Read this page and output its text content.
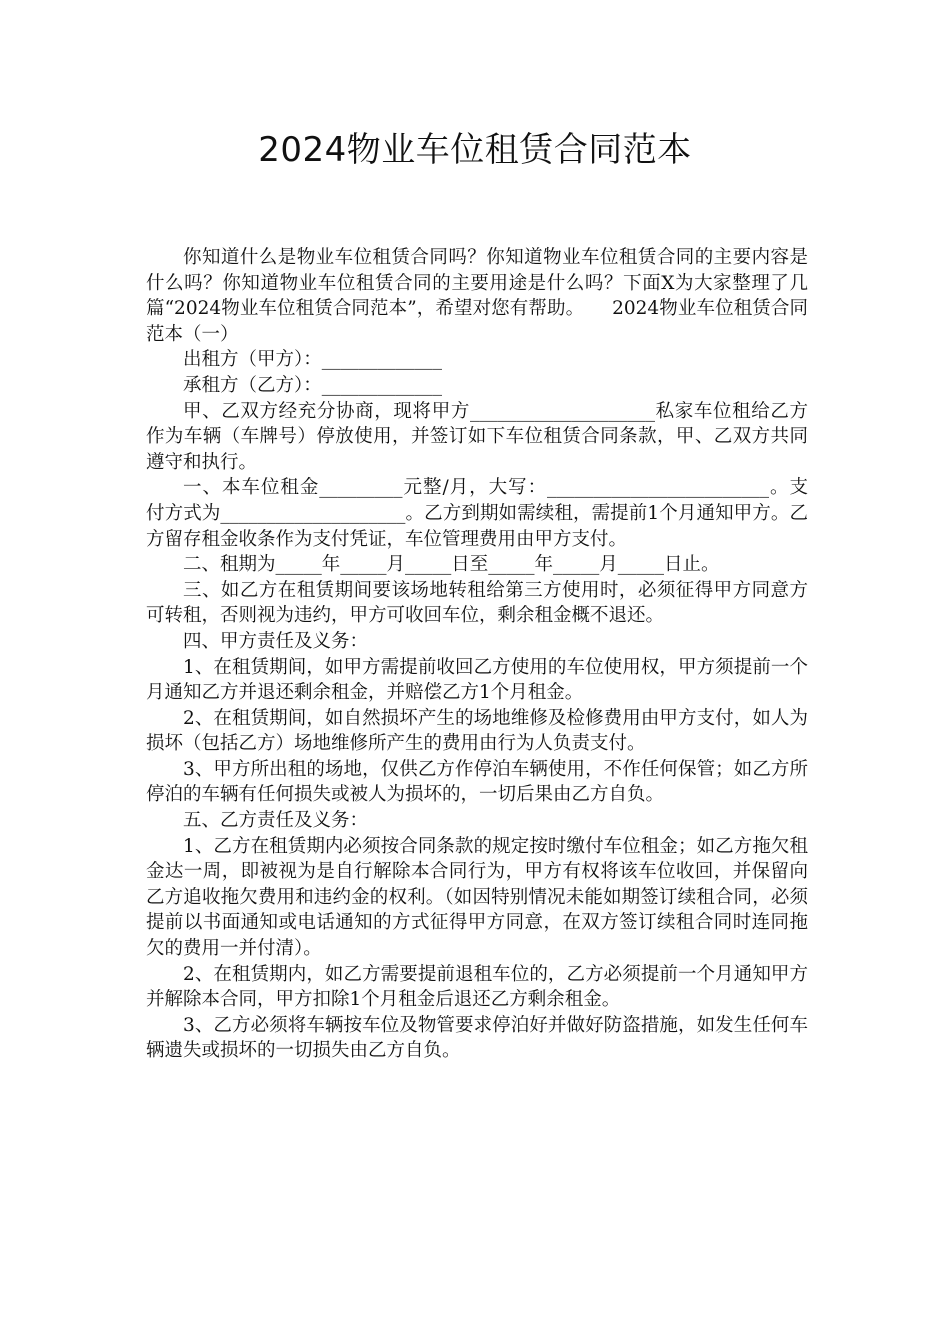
2024物业车位租赁合同范本

你知道什么是物业车位租赁合同吗？你知道物业车位租赁合同的主要内容是什么吗？你知道物业车位租赁合同的主要用途是什么吗？下面X为大家整理了几篇“2024物业车位租赁合同范本”，希望对您有帮助。　　2024物业车位租赁合同范本（一）

出租方（甲方）：_____________

承租方（乙方）：_____________

甲、乙双方经充分协商，现将甲方____________________私家车位租给乙方作为车辆（车牌号）停放使用，并签订如下车位租赁合同条款，甲、乙双方共同遵守和执行。

一、本车位租金_________元整/月，大写：________________________。支付方式为____________________。乙方到期如需续租，需提前1个月通知甲方。乙方留存租金收条作为支付凭证，车位管理费用由甲方支付。

二、租期为_____年_____月_____日至_____年_____月_____日止。

三、如乙方在租赁期间要该场地转租给第三方使用时，必须征得甲方同意方可转租，否则视为违约，甲方可收回车位，剩余租金概不退还。

四、甲方责任及义务：

1、在租赁期间，如甲方需提前收回乙方使用的车位使用权，甲方须提前一个月通知乙方并退还剩余租金，并赔偿乙方1个月租金。

2、在租赁期间，如自然损坏产生的场地维修及检修费用由甲方支付，如人为损坏（包括乙方）场地维修所产生的费用由行为人负责支付。

3、甲方所出租的场地，仅供乙方作停泊车辆使用，不作任何保管；如乙方所停泊的车辆有任何损失或被人为损坏的，一切后果由乙方自负。

五、乙方责任及义务：

1、乙方在租赁期内必须按合同条款的规定按时缴付车位租金；如乙方拖欠租金达一周，即被视为是自行解除本合同行为，甲方有权将该车位收回，并保留向乙方追收拖欠费用和违约金的权利。（如因特别情况未能如期签订续租合同，必须提前以书面通知或电话通知的方式征得甲方同意，在双方签订续租合同时连同拖欠的费用一并付清）。

2、在租赁期内，如乙方需要提前退租车位的，乙方必须提前一个月通知甲方并解除本合同，甲方扣除1个月租金后退还乙方剩余租金。

3、乙方必须将车辆按车位及物管要求停泊好并做好防盗措施，如发生任何车辆遗失或损坏的一切损失由乙方自负。
